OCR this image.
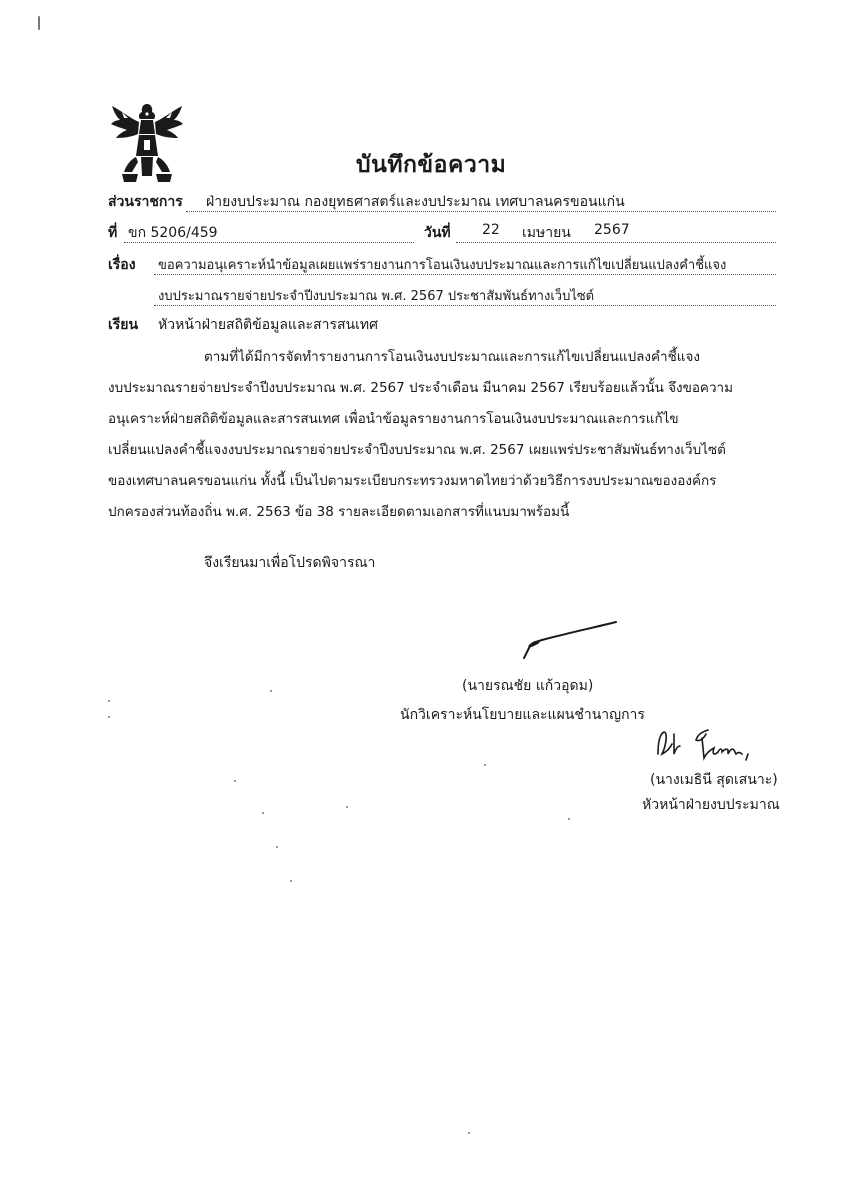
บันทึกข้อความ
ส่วนราชการ ฝ่ายงบประมาณ กองยุทธศาสตร์และงบประมาณ เทศบาลนครขอนแก่น
ที่ ขก 5206/459	วันที่ 22 เมษายน 2567
เรื่อง ขอความอนุเคราะห์นำข้อมูลเผยแพร่รายงานการโอนเงินงบประมาณและการแก้ไขเปลี่ยนแปลงคำชี้แจง
งบประมาณรายจ่ายประจำปีงบประมาณ พ.ศ. 2567 ประชาสัมพันธ์ทางเว็บไซต์
เรียน หัวหน้าฝ่ายสถิติข้อมูลและสารสนเทศ
ตามที่ได้มีการจัดทำรายงานการโอนเงินงบประมาณและการแก้ไขเปลี่ยนแปลงคำชี้แจง
งบประมาณรายจ่ายประจำปีงบประมาณ พ.ศ. 2567 ประจำเดือน มีนาคม 2567 เรียบร้อยแล้วนั้น จึงขอความ
อนุเคราะห์ฝ่ายสถิติข้อมูลและสารสนเทศ เพื่อนำข้อมูลรายงานการโอนเงินงบประมาณและการแก้ไข
เปลี่ยนแปลงคำชี้แจงงบประมาณรายจ่ายประจำปีงบประมาณ พ.ศ. 2567 เผยแพร่ประชาสัมพันธ์ทางเว็บไซต์
ของเทศบาลนครขอนแก่น ทั้งนี้ เป็นไปตามระเบียบกระทรวงมหาดไทยว่าด้วยวิธีการงบประมาณขององค์กร
ปกครองส่วนท้องถิ่น พ.ศ. 2563 ข้อ 38 รายละเอียดตามเอกสารที่แนบมาพร้อมนี้
จึงเรียนมาเพื่อโปรดพิจารณา
(นายรณชัย แก้วอุดม)
นักวิเคราะห์นโยบายและแผนชำนาญการ
(นางเมธินี สุดเสนาะ)
หัวหน้าฝ่ายงบประมาณ
